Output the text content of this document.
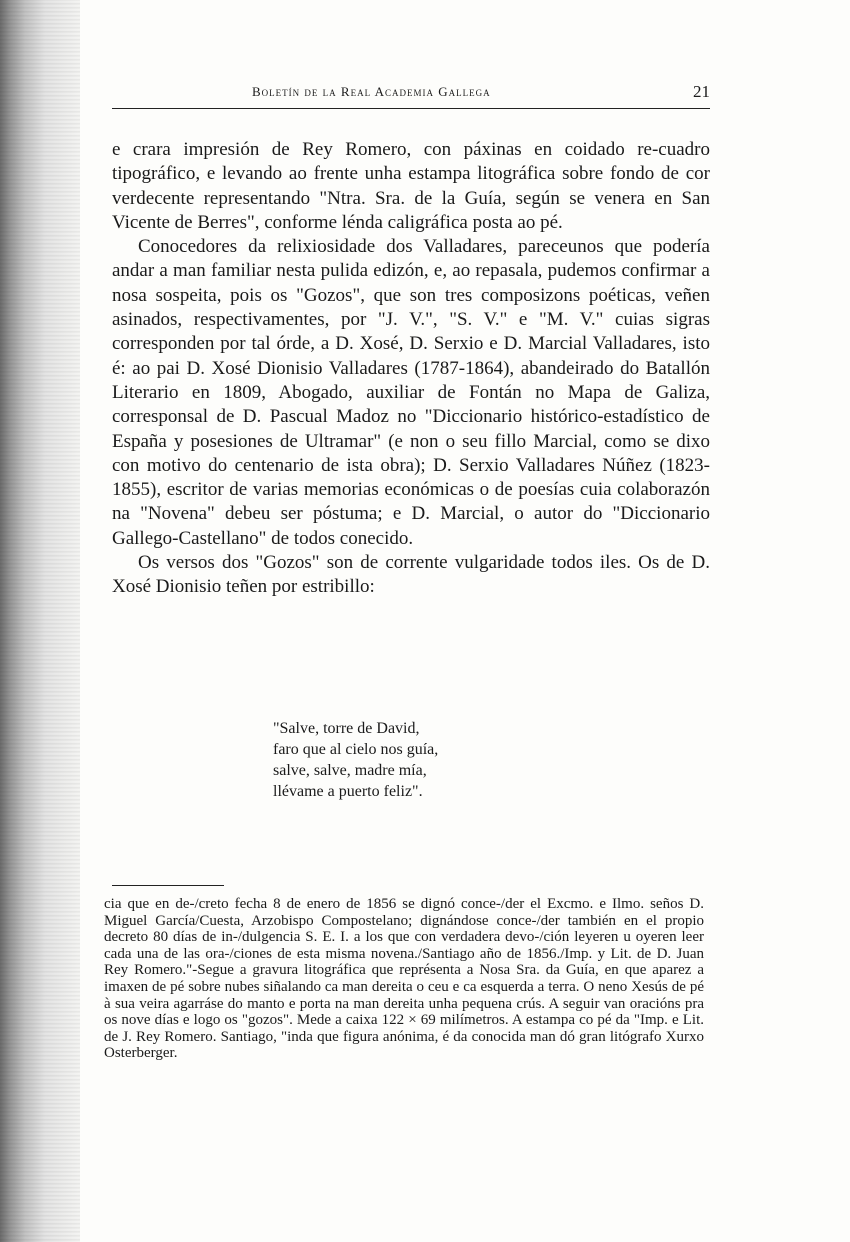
Boletín de la Real Academia Gallega	21

e crara impresión de Rey Romero, con páxinas en coidado re-cuadro tipográfico, e levando ao frente unha estampa litográfica sobre fondo de cor verdecente representando "Ntra. Sra. de la Guía, según se venera en San Vicente de Berres", conforme lénda caligráfica posta ao pé.

Conocedores da relixiosidade dos Valladares, pareceunos que podería andar a man familiar nesta pulida edizón, e, ao repasala, pudemos confirmar a nosa sospeita, pois os "Gozos", que son tres composizons poéticas, veñen asinados, respectivamentes, por "J. V.", "S. V." e "M. V." cuias sigras corresponden por tal órde, a D. Xosé, D. Serxio e D. Marcial Valladares, isto é: ao pai D. Xosé Dionisio Valladares (1787-1864), abandeirado do Batallón Literario en 1809, Abogado, auxiliar de Fontán no Mapa de Galiza, corresponsal de D. Pascual Madoz no "Diccionario histórico-estadístico de España y posesiones de Ultramar" (e non o seu fillo Marcial, como se dixo con motivo do centenario de ista obra); D. Serxio Valladares Núñez (1823-1855), escritor de varias memorias económicas o de poesías cuia colaborazón na "Novena" debeu ser póstuma; e D. Marcial, o autor do "Diccionario Gallego-Castellano" de todos conecido.

Os versos dos "Gozos" son de corrente vulgaridade todos iles. Os de D. Xosé Dionisio teñen por estribillo:

"Salve, torre de David,
faro que al cielo nos guía,
salve, salve, madre mía,
llévame a puerto feliz".
cia que en de-/creto fecha 8 de enero de 1856 se dignó conce-/der el Excmo. e Ilmo. seños D. Miguel García/Cuesta, Arzobispo Compostelano; dignándose conce-/der también en el propio decreto 80 días de in-/dulgencia S. E. I. a los que con verdadera devo-/ción leyeren u oyeren leer cada una de las ora-/ciones de esta misma novena./Santiago año de 1856./Imp. y Lit. de D. Juan Rey Romero."-Segue a gravura litográfica que représenta a Nosa Sra. da Guía, en que aparez a imaxen de pé sobre nubes siñalando ca man dereita o ceu e ca esquerda a terra. O neno Xesús de pé à sua veira agarráse do manto e porta na man dereita unha pequena crús. A seguir van oracións pra os nove días e logo os "gozos". Mede a caixa 122 × 69 milímetros. A estampa co pé da "Imp. e Lit. de J. Rey Romero. Santiago, "inda que figura anónima, é da conocida man dó gran litógrafo Xurxo Osterberger.
